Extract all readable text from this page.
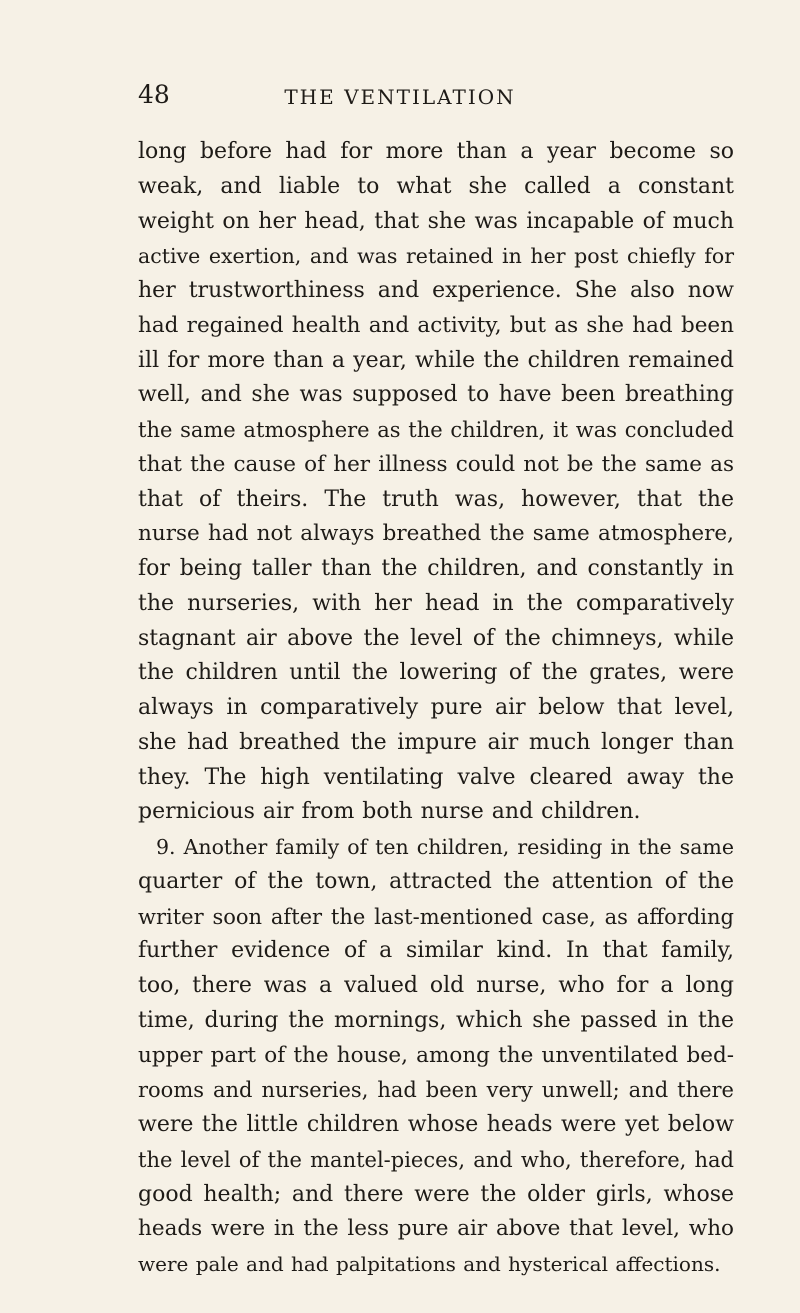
48	THE VENTILATION
long before had for more than a year become so
weak, and liable to what she called a constant
weight on her head, that she was incapable of much
active exertion, and was retained in her post chiefly for
her trustworthiness and experience. She also now
had regained health and activity, but as she had been
ill for more than a year, while the children remained
well, and she was supposed to have been breathing
the same atmosphere as the children, it was concluded
that the cause of her illness could not be the same as
that of theirs. The truth was, however, that the
nurse had not always breathed the same atmosphere,
for being taller than the children, and constantly in
the nurseries, with her head in the comparatively
stagnant air above the level of the chimneys, while
the children until the lowering of the grates, were
always in comparatively pure air below that level,
she had breathed the impure air much longer than
they. The high ventilating valve cleared away the
pernicious air from both nurse and children.
9. Another family of ten children, residing in the same
quarter of the town, attracted the attention of the
writer soon after the last-mentioned case, as affording
further evidence of a similar kind. In that family,
too, there was a valued old nurse, who for a long
time, during the mornings, which she passed in the
upper part of the house, among the unventilated bed-
rooms and nurseries, had been very unwell; and there
were the little children whose heads were yet below
the level of the mantel-pieces, and who, therefore, had
good health; and there were the older girls, whose
heads were in the less pure air above that level, who
were pale and had palpitations and hysterical affections.
